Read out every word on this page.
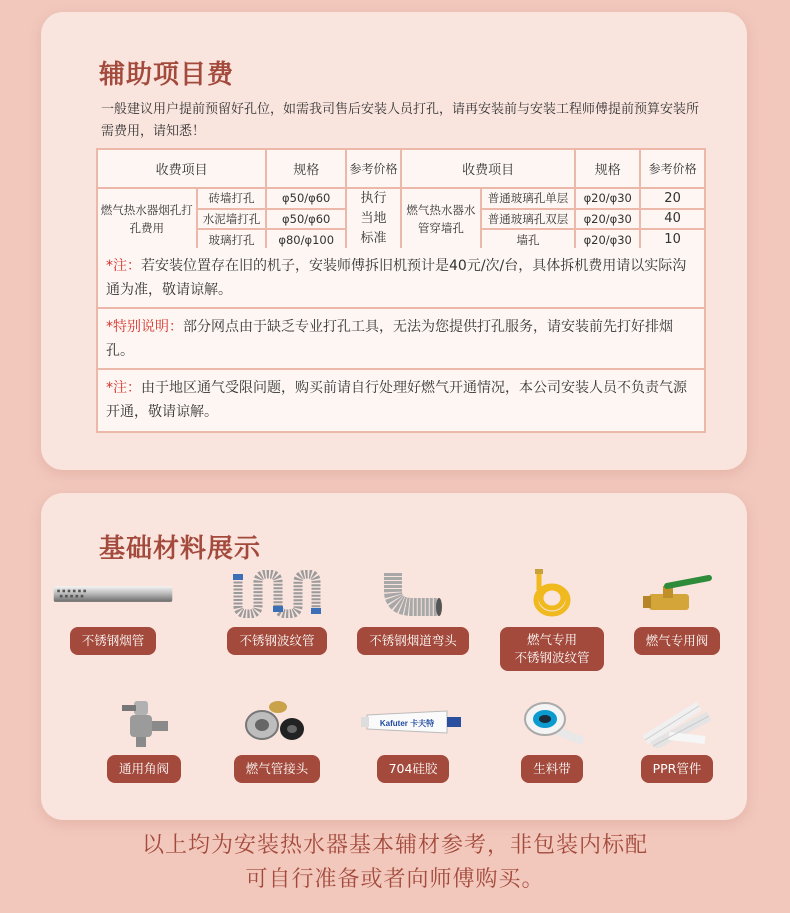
辅助项目费

一般建议用户提前预留好孔位，如需我司售后安装人员打孔，请再安装前与安装工程师傅提前预算安装所需费用，请知悉！

收费项目		规格	参考价格	收费项目		规格	参考价格
燃气热水器烟孔打孔费用	砖墙打孔	φ50/φ60	执行当地标准	燃气热水器水管穿墙孔	普通玻璃孔单层	φ20/φ30	20
	水泥墙打孔	φ50/φ60			普通玻璃孔双层	φ20/φ30	40
	玻璃打孔	φ80/φ100			墙孔	φ20/φ30	10
*注：若安装位置存在旧的机子，安装师傅拆旧机预计是40元/次/台，具体拆机费用请以实际沟通为准，敬请谅解。
*特别说明：部分网点由于缺乏专业打孔工具，无法为您提供打孔服务，请安装前先打好排烟孔。
*注：由于地区通气受限问题，购买前请自行处理好燃气开通情况，本公司安装人员不负责气源开通，敬请谅解。
基础材料展示
不锈钢烟管	不锈钢波纹管	不锈钢烟道弯头	燃气专用
不锈钢波纹管
燃气专用阀
通用角阀	燃气管接头
Kafuter 卡夫特
704硅胶	生料带	PPR管件
以上均为安装热水器基本辅材参考，非包装内标配
可自行准备或者向师傅购买。
